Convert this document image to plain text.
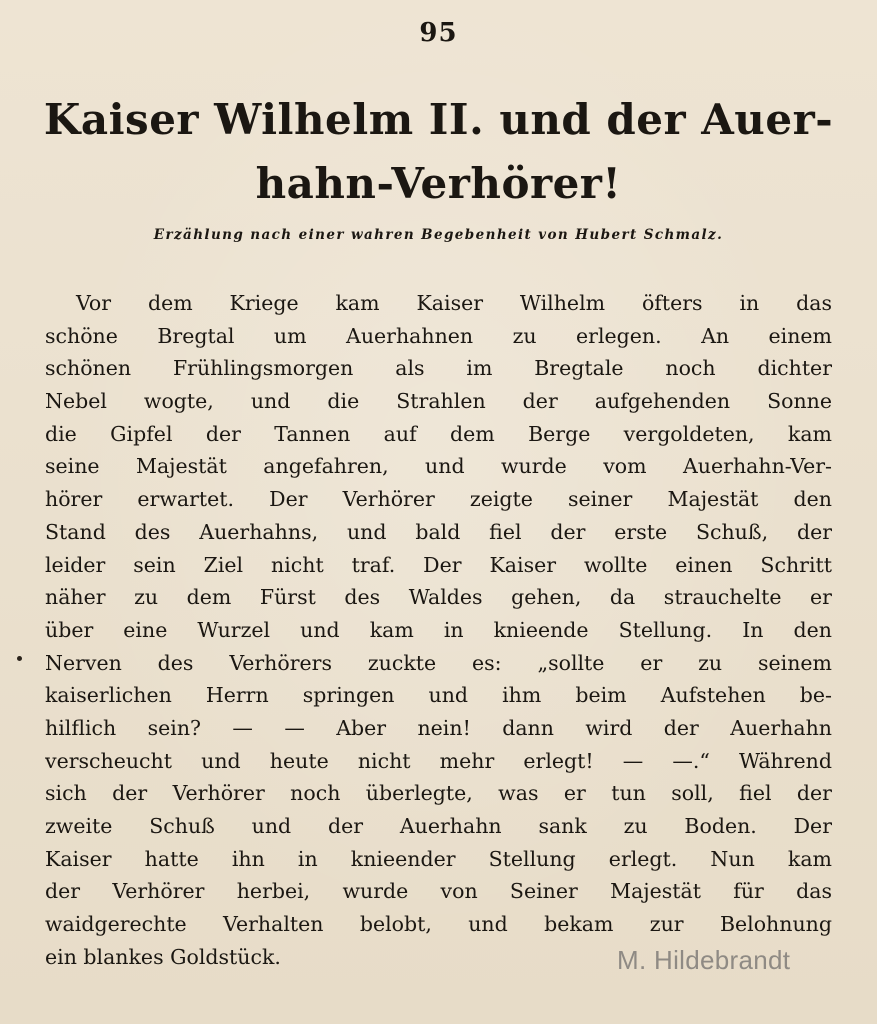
95
Kaiser Wilhelm II. und der Auer-
hahn-Verhörer!
Erzählung nach einer wahren Begebenheit von Hubert Schmalz.
Vor dem Kriege kam Kaiser Wilhelm öfters in das
schöne Bregtal um Auerhahnen zu erlegen. An einem
schönen Frühlingsmorgen als im Bregtale noch dichter
Nebel wogte, und die Strahlen der aufgehenden Sonne
die Gipfel der Tannen auf dem Berge vergoldeten, kam
seine Majestät angefahren, und wurde vom Auerhahn-Ver-
hörer erwartet. Der Verhörer zeigte seiner Majestät den
Stand des Auerhahns, und bald fiel der erste Schuß, der
leider sein Ziel nicht traf. Der Kaiser wollte einen Schritt
näher zu dem Fürst des Waldes gehen, da strauchelte er
über eine Wurzel und kam in knieende Stellung. In den
Nerven des Verhörers zuckte es: „sollte er zu seinem
kaiserlichen Herrn springen und ihm beim Aufstehen be-
hilflich sein? — — Aber nein! dann wird der Auerhahn
verscheucht und heute nicht mehr erlegt! — —.“ Während
sich der Verhörer noch überlegte, was er tun soll, fiel der
zweite Schuß und der Auerhahn sank zu Boden. Der
Kaiser hatte ihn in knieender Stellung erlegt. Nun kam
der Verhörer herbei, wurde von Seiner Majestät für das
waidgerechte Verhalten belobt, und bekam zur Belohnung
ein blankes Goldstück.	M. Hildebrandt
